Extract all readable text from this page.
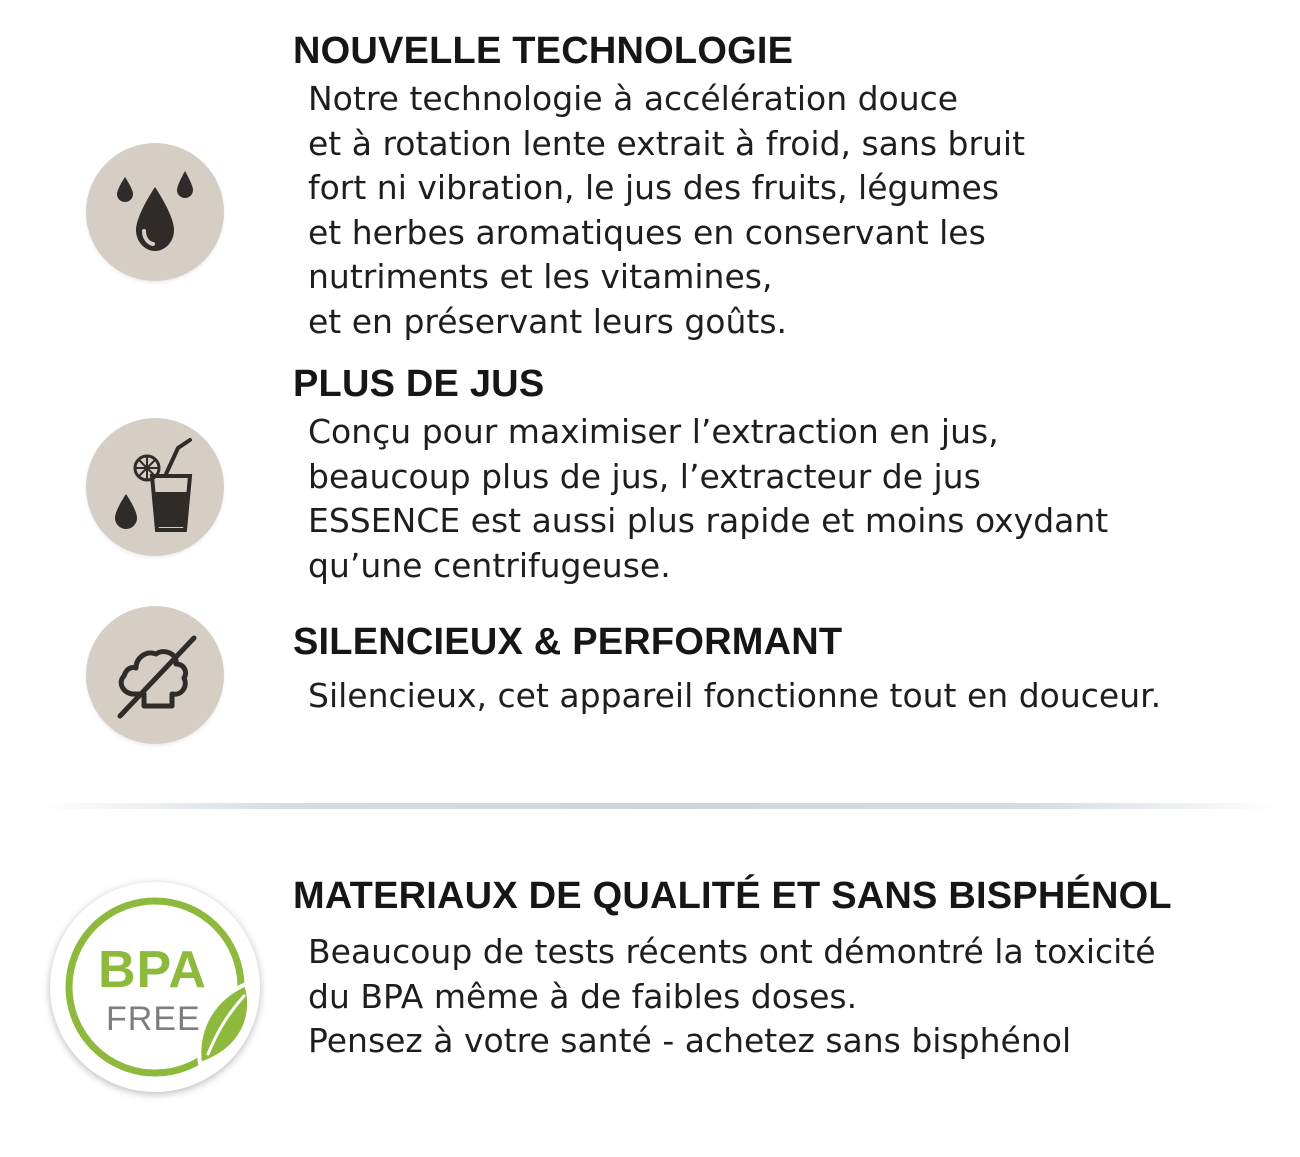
NOUVELLE TECHNOLOGIE

Notre technologie à accélération douce
et à rotation lente extrait à froid, sans bruit
fort ni vibration, le jus des fruits, légumes
et herbes aromatiques en conservant les
nutriments et les vitamines,
et en préservant leurs goûts.

PLUS DE JUS

Conçu pour maximiser l’extraction en jus,
beaucoup plus de jus, l’extracteur de jus
ESSENCE est aussi plus rapide et moins oxydant
qu’une centrifugeuse.

SILENCIEUX & PERFORMANT

Silencieux, cet appareil fonctionne tout en douceur.

BPA
FREE
MATERIAUX DE QUALITÉ ET SANS BISPHÉNOL

Beaucoup de tests récents ont démontré la toxicité
du BPA même à de faibles doses.
Pensez à votre santé - achetez sans bisphénol
